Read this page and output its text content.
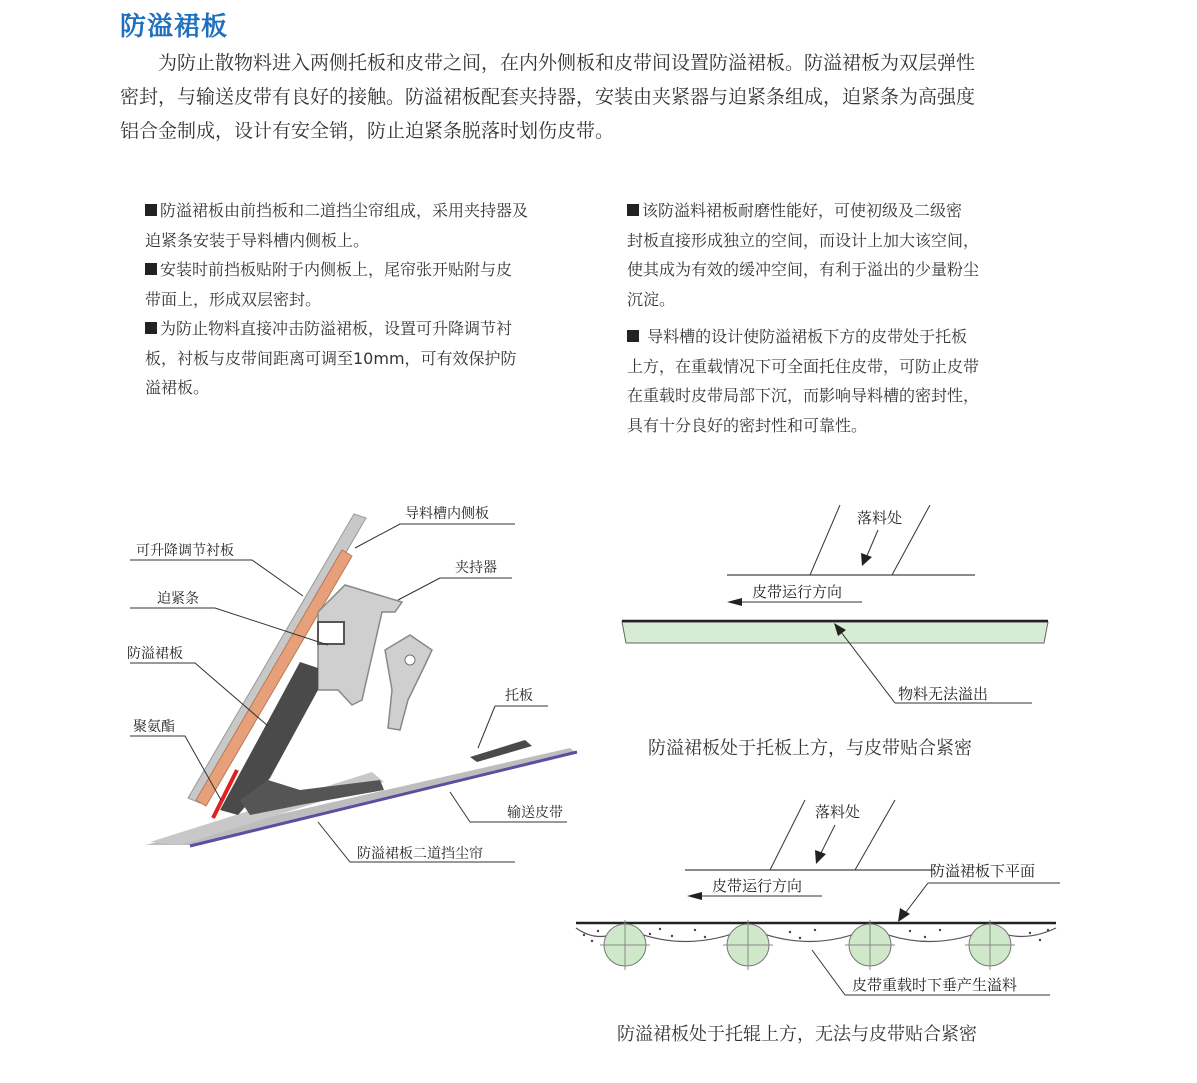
防溢裙板

为防止散物料进入两侧托板和皮带之间，在内外侧板和皮带间设置防溢裙板。防溢裙板为双层弹性

密封，与输送皮带有良好的接触。防溢裙板配套夹持器，安装由夹紧器与迫紧条组成，迫紧条为高强度

铝合金制成，设计有安全销，防止迫紧条脱落时划伤皮带。

防溢裙板由前挡板和二道挡尘帘组成，采用夹持器及

迫紧条安装于导料槽内侧板上。

安装时前挡板贴附于内侧板上，尾帘张开贴附与皮

带面上，形成双层密封。

为防止物料直接冲击防溢裙板，设置可升降调节衬

板，衬板与皮带间距离可调至10mm，可有效保护防

溢裙板。

该防溢料裙板耐磨性能好，可使初级及二级密

封板直接形成独立的空间，而设计上加大该空间，

使其成为有效的缓冲空间，有利于溢出的少量粉尘

沉淀。

导料槽的设计使防溢裙板下方的皮带处于托板

上方，在重载情况下可全面托住皮带，可防止皮带

在重载时皮带局部下沉，而影响导料槽的密封性，

具有十分良好的密封性和可靠性。

导料槽内侧板
可升降调节衬板
夹持器
迫紧条
防溢裙板
托板
聚氨酯
输送皮带
防溢裙板二道挡尘帘
落料处
皮带运行方向
物料无法溢出
防溢裙板处于托板上方，与皮带贴合紧密
落料处
皮带运行方向
防溢裙板下平面
皮带重载时下垂产生溢料
防溢裙板处于托辊上方，无法与皮带贴合紧密
